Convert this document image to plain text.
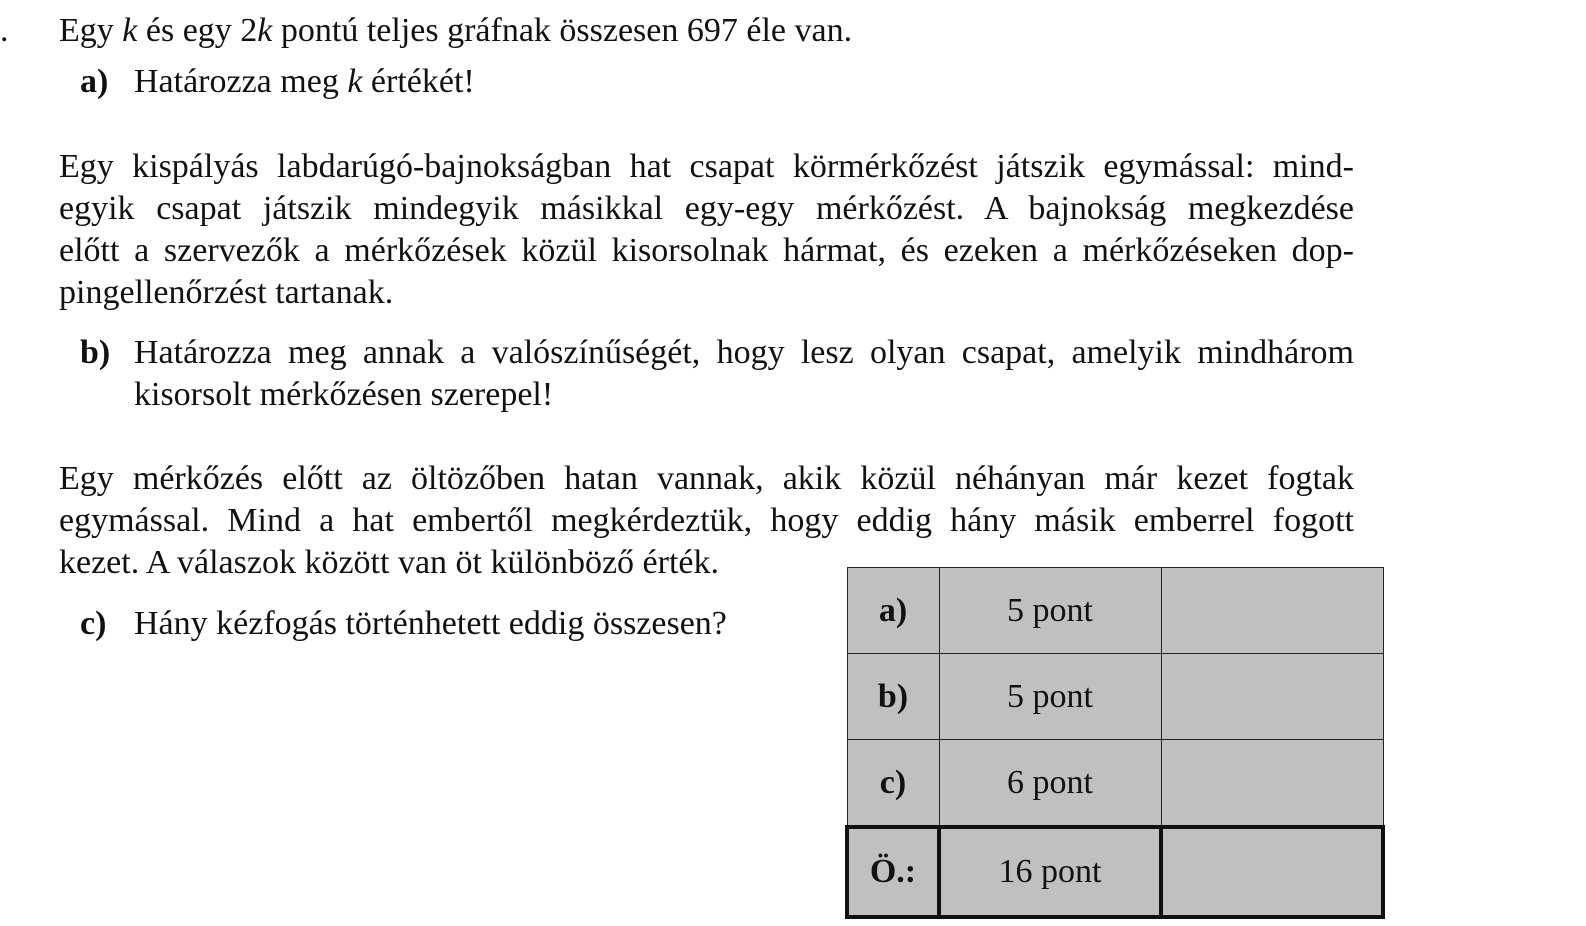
. Egy k és egy 2k pontú teljes gráfnak összesen 697 éle van.
a) Határozza meg k értékét!
Egy kispályás labdarúgó-bajnokságban hat csapat körmérkőzést játszik egymással: mind-
egyik csapat játszik mindegyik másikkal egy-egy mérkőzést. A bajnokság megkezdése
előtt a szervezők a mérkőzések közül kisorsolnak hármat, és ezeken a mérkőzéseken dop-
pingellenőrzést tartanak.
b) Határozza meg annak a valószínűségét, hogy lesz olyan csapat, amelyik mindhárom
kisorsolt mérkőzésen szerepel!
Egy mérkőzés előtt az öltözőben hatan vannak, akik közül néhányan már kezet fogtak
egymással. Mind a hat embertől megkérdeztük, hogy eddig hány másik emberrel fogott
kezet. A válaszok között van öt különböző érték.
c) Hány kézfogás történhetett eddig összesen?	a)	5 pont	
b)	5 pont	
c)	6 pont	
Ö.:	16 pont	
